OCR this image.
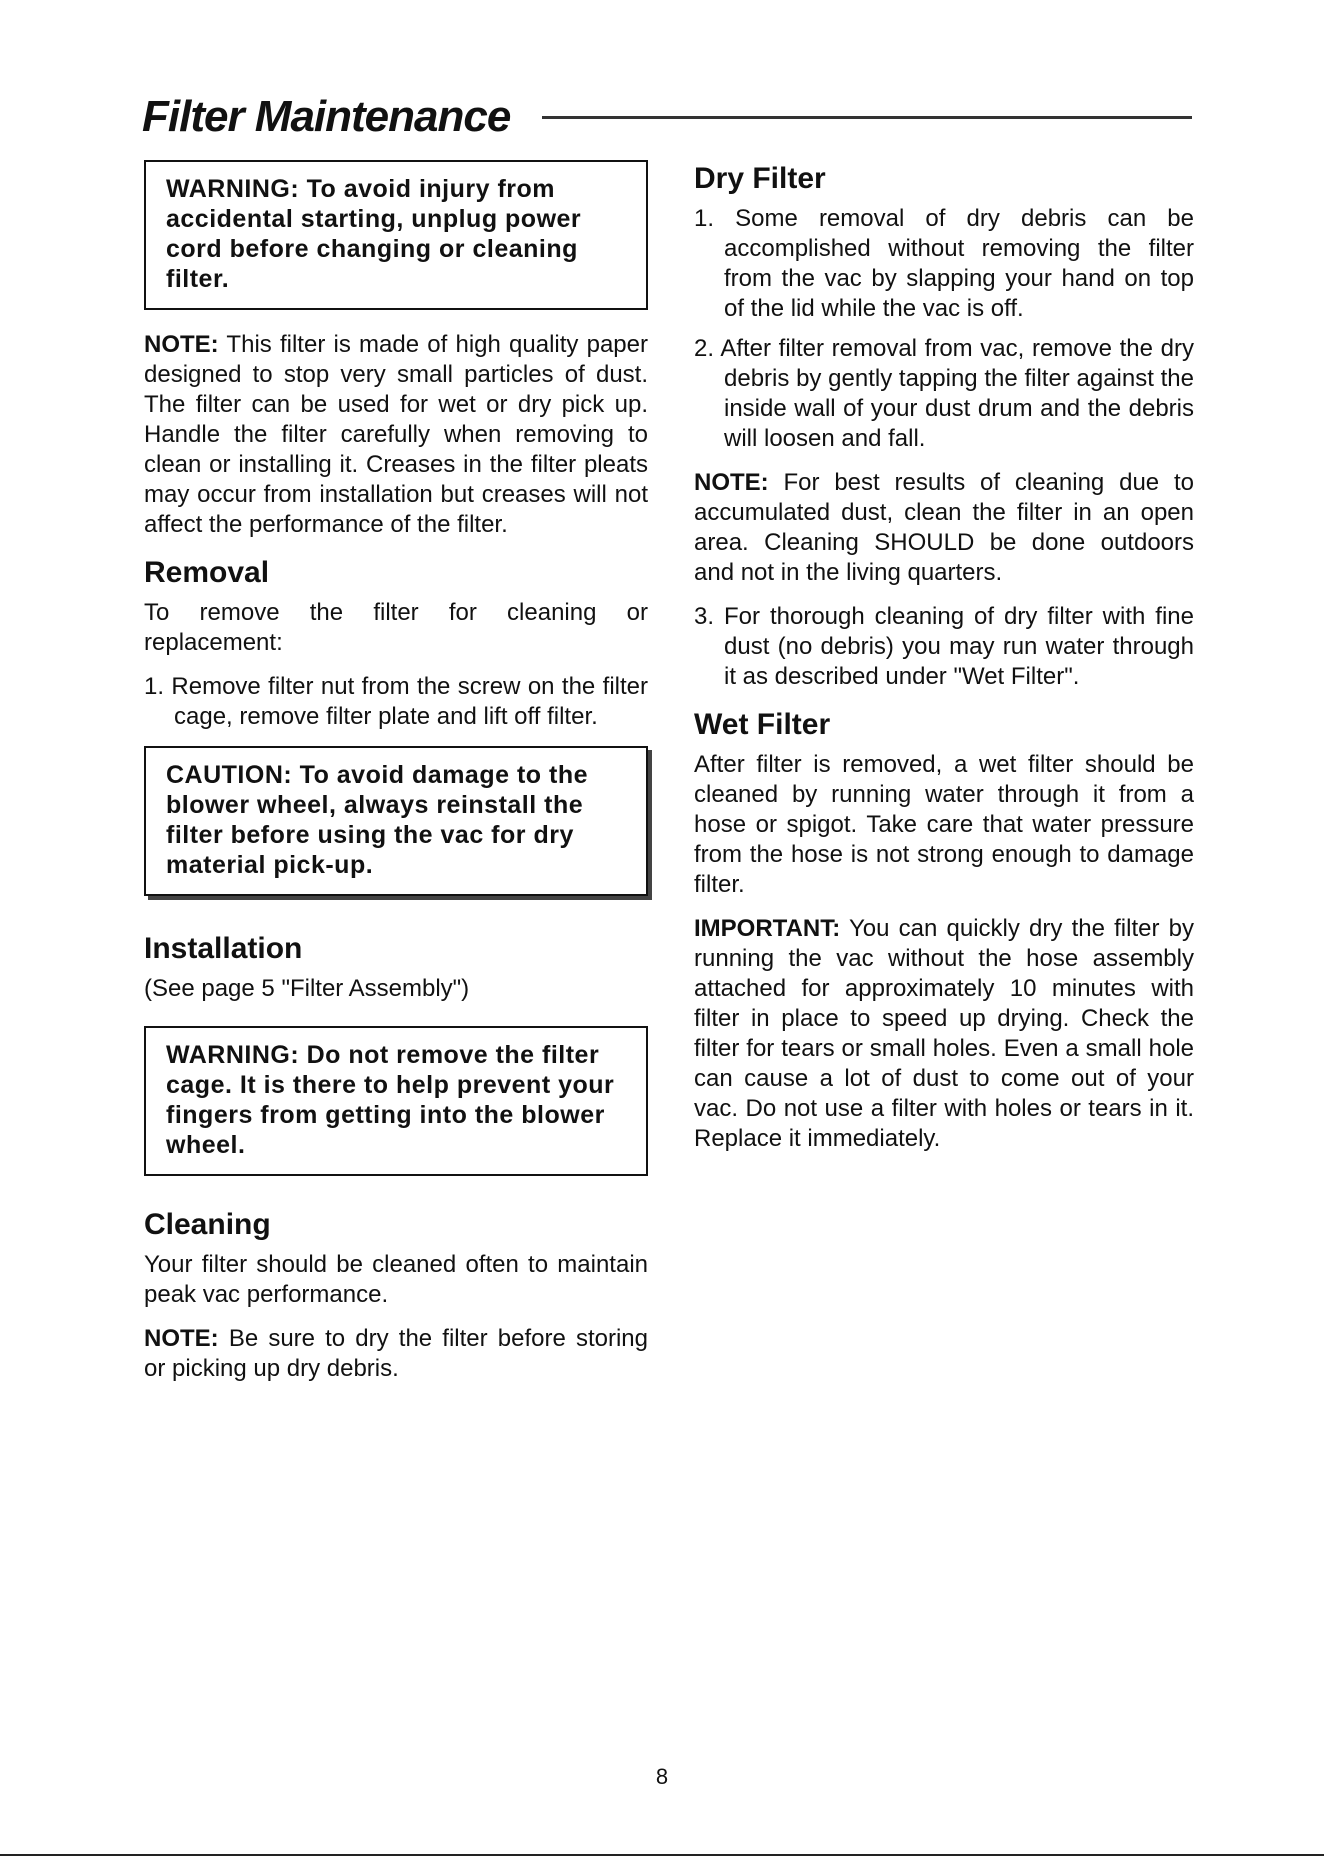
Filter Maintenance
WARNING: To avoid injury from accidental starting, unplug power cord before changing or cleaning filter.

NOTE: This filter is made of high quality paper designed to stop very small particles of dust. The filter can be used for wet or dry pick up. Handle the filter carefully when removing to clean or installing it. Creases in the filter pleats may occur from installation but creases will not affect the performance of the filter.

Removal

To remove the filter for cleaning or replacement:

1. Remove filter nut from the screw on the filter cage, remove filter plate and lift off filter.
CAUTION: To avoid damage to the blower wheel, always reinstall the filter before using the vac for dry material pick-up.
Installation

(See page 5 "Filter Assembly")

WARNING: Do not remove the filter cage. It is there to help prevent your fingers from getting into the blower wheel.
Cleaning

Your filter should be cleaned often to maintain peak vac performance.

NOTE: Be sure to dry the filter before storing or picking up dry debris.

Dry Filter
1. Some removal of dry debris can be accomplished without removing the filter from the vac by slapping your hand on top of the lid while the vac is off.
2. After filter removal from vac, remove the dry debris by gently tapping the filter against the inside wall of your dust drum and the debris will loosen and fall.

NOTE: For best results of cleaning due to accumulated dust, clean the filter in an open area. Cleaning SHOULD be done outdoors and not in the living quarters.

3. For thorough cleaning of dry filter with fine dust (no debris) you may run water through it as described under "Wet Filter".
Wet Filter

After filter is removed, a wet filter should be cleaned by running water through it from a hose or spigot. Take care that water pressure from the hose is not strong enough to damage filter.

IMPORTANT: You can quickly dry the filter by running the vac without the hose assembly attached for approximately 10 minutes with filter in place to speed up drying. Check the filter for tears or small holes. Even a small hole can cause a lot of dust to come out of your vac. Do not use a filter with holes or tears in it. Replace it immediately.

8
